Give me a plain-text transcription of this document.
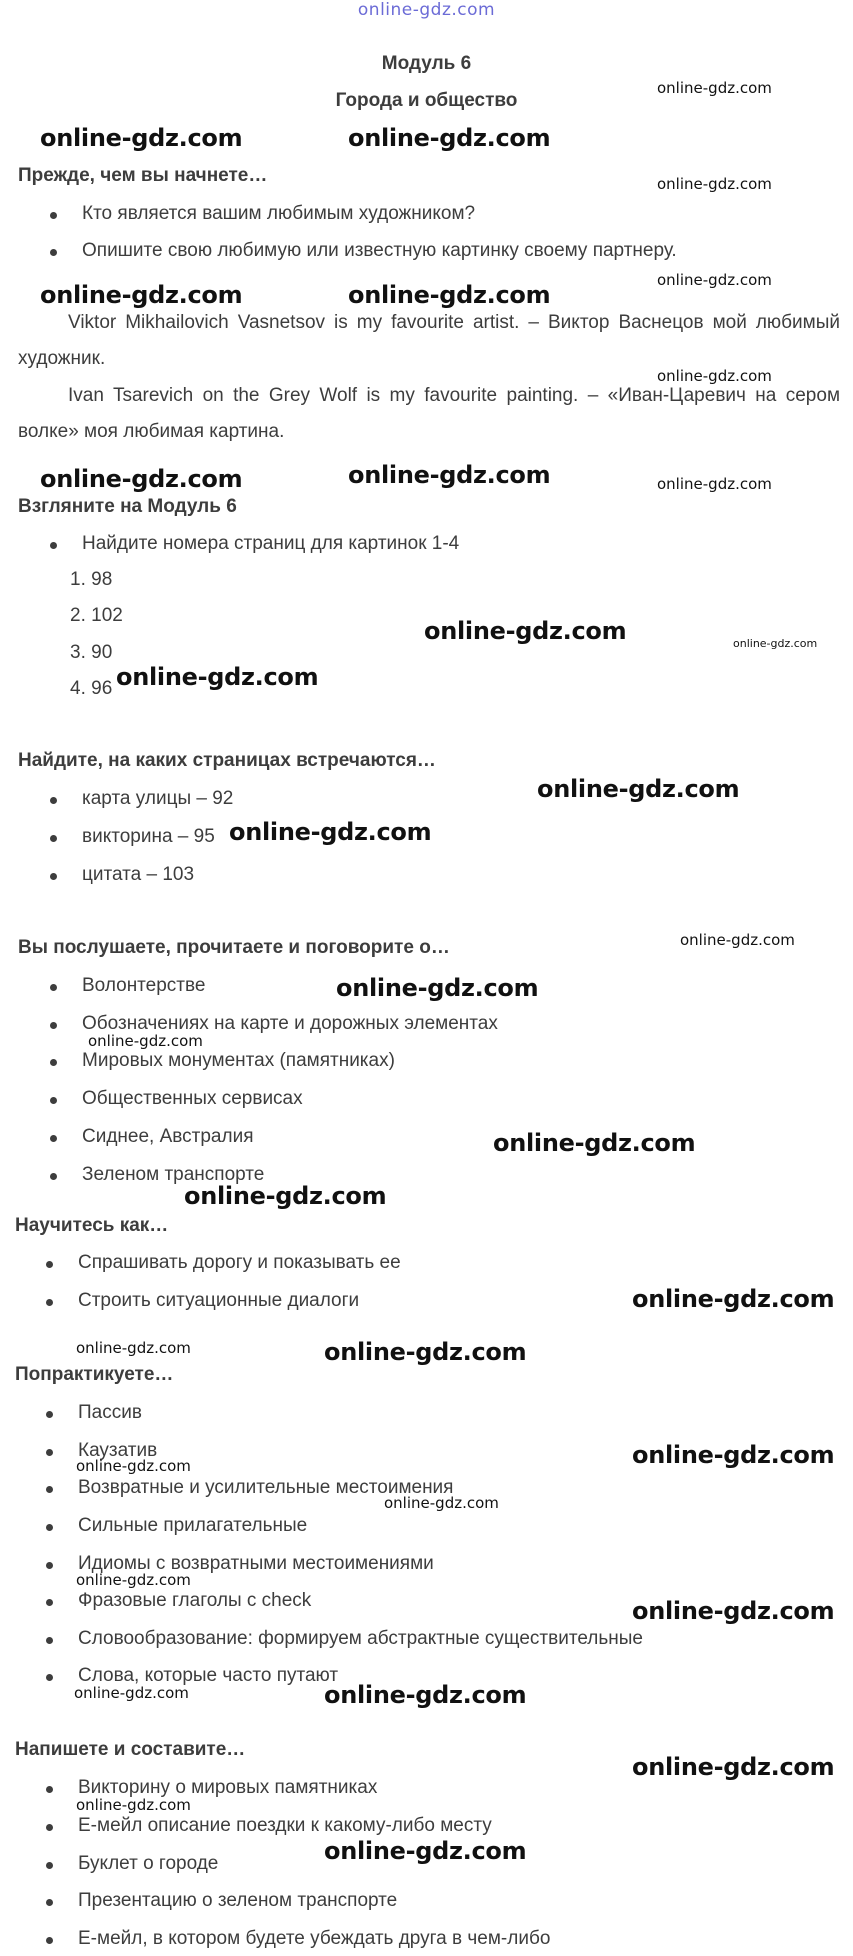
online-gdz.com
Модуль 6
Города и общество
Прежде, чем вы начнете…
Кто является вашим любимым художником?
Опишите свою любимую или известную картинку своему партнеру.
Viktor Mikhailovich Vasnetsov is my favourite artist. – Виктор Васнецов мой любимый художник.
Ivan Tsarevich on the Grey Wolf is my favourite painting. – «Иван-Царевич на сером волке» моя любимая картина.
Взгляните на Модуль 6
Найдите номера страниц для картинок 1-4
1. 98
2. 102
3. 90
4. 96
Найдите, на каких страницах встречаются…
карта улицы – 92
викторина – 95
цитата – 103
Вы послушаете, прочитаете и поговорите о…
Волонтерстве
Обозначениях на карте и дорожных элементах
Мировых монументах (памятниках)
Общественных сервисах
Сиднее, Австралия
Зеленом транспорте
Научитесь как…
Спрашивать дорогу и показывать ее
Строить ситуационные диалоги
Попрактикуете…
Пассив
Каузатив
Возвратные и усилительные местоимения
Сильные прилагательные
Идиомы с возвратными местоимениями
Фразовые глаголы с check
Словообразование: формируем абстрактные существительные
Слова, которые часто путают
Напишете и составите…
Викторину о мировых памятниках
Е-мейл описание поездки к какому-либо месту
Буклет о городе
Презентацию о зеленом транспорте
Е-мейл, в котором будете убеждать друга в чем-либо
online-gdz.com
online-gdz.com	online-gdz.com
online-gdz.com
online-gdz.com
online-gdz.com	online-gdz.com
online-gdz.com
online-gdz.com	online-gdz.com	online-gdz.com
online-gdz.com	online-gdz.com
online-gdz.com
online-gdz.com
online-gdz.com
online-gdz.com
online-gdz.com
online-gdz.com
online-gdz.com
online-gdz.com
online-gdz.com
online-gdz.com	online-gdz.com
online-gdz.com
online-gdz.com
online-gdz.com
online-gdz.com
online-gdz.com
online-gdz.com	online-gdz.com
online-gdz.com
online-gdz.com
online-gdz.com
